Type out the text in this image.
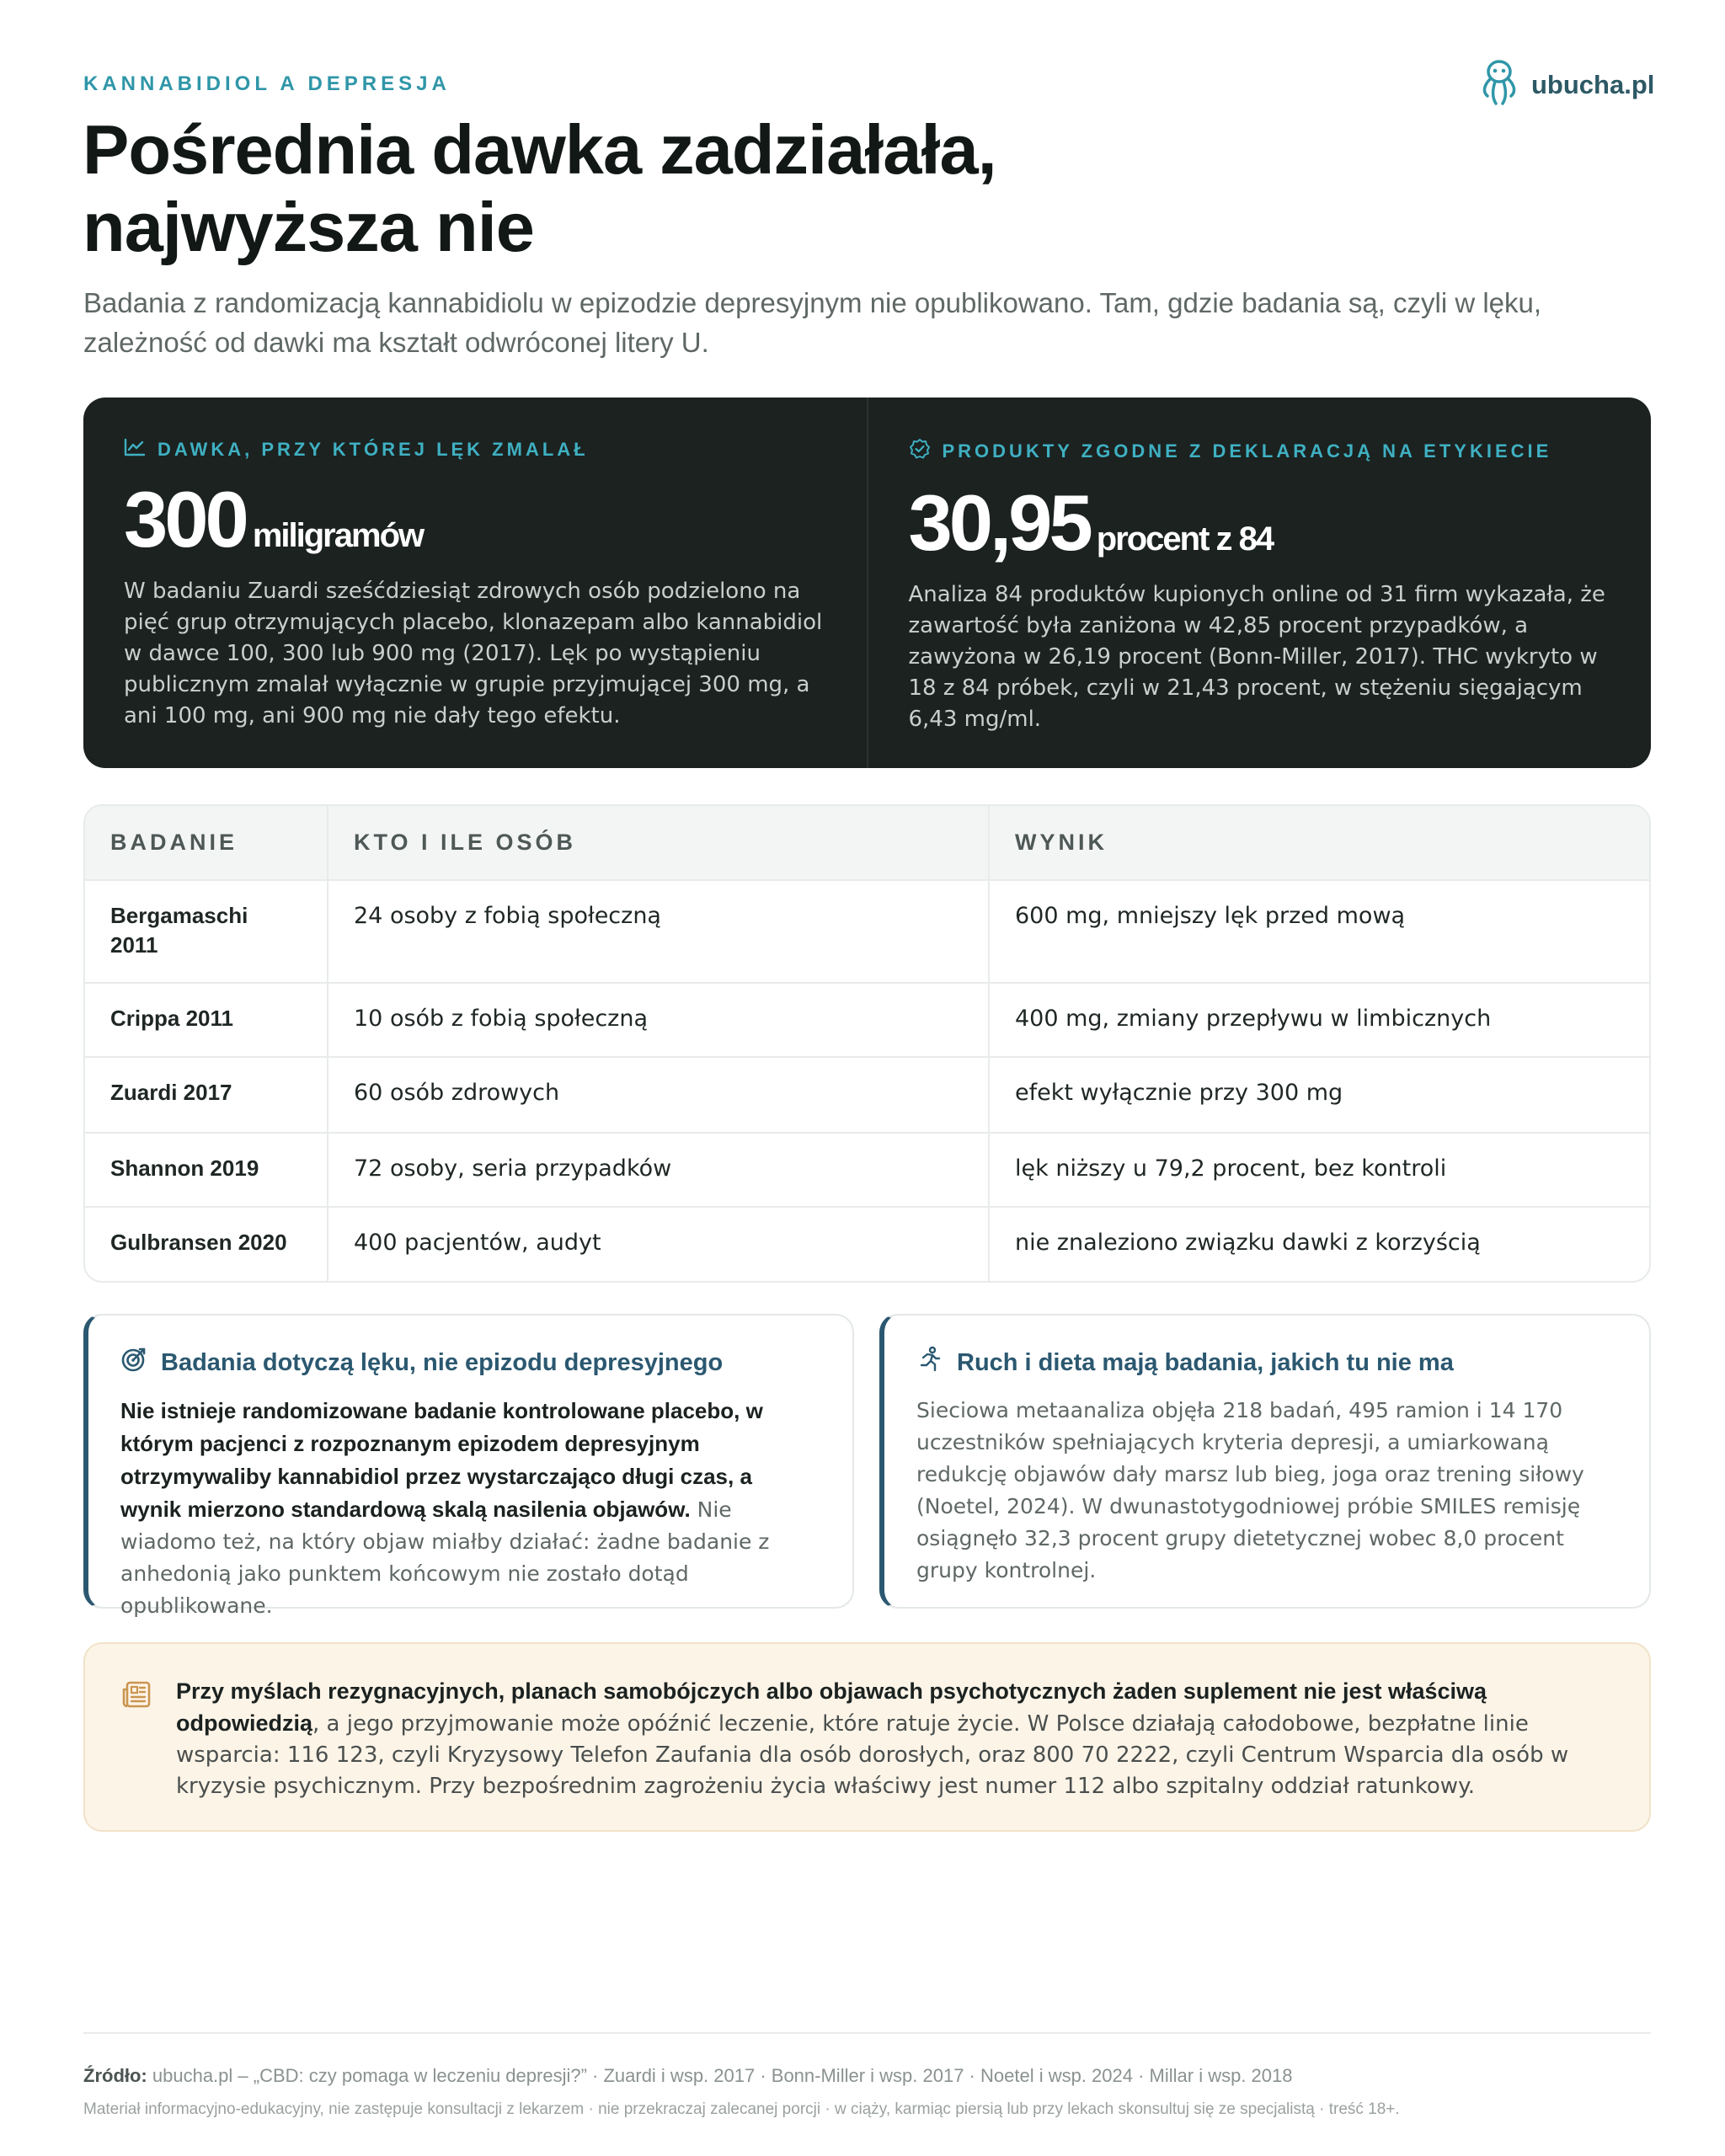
KANNABIDIOL A DEPRESJA	ubucha.pl
Pośrednia dawka zadziałała,
najwyższa nie

Badania z randomizacją kannabidiolu w epizodzie depresyjnym nie opublikowano. Tam, gdzie badania są, czyli w lęku, zależność od dawki ma kształt odwróconej litery U.

DAWKA, PRZY KTÓREJ LĘK ZMALAŁ
300 miligramów

W badaniu Zuardi sześćdziesiąt zdrowych osób podzielono na pięć grup otrzymujących placebo, klonazepam albo kannabidiol w dawce 100, 300 lub 900 mg (2017). Lęk po wystąpieniu publicznym zmalał wyłącznie w grupie przyjmującej 300 mg, a ani 100 mg, ani 900 mg nie dały tego efektu.

PRODUKTY ZGODNE Z DEKLARACJĄ NA ETYKIECIE
30,95 procent z 84

Analiza 84 produktów kupionych online od 31 firm wykazała, że zawartość była zaniżona w 42,85 procent przypadków, a zawyżona w 26,19 procent (Bonn-Miller, 2017). THC wykryto w 18 z 84 próbek, czyli w 21,43 procent, w stężeniu sięgającym 6,43 mg/ml.

BADANIE	KTO I ILE OSÓB	WYNIK

Bergamaschi 2011	24 osoby z fobią społeczną	600 mg, mniejszy lęk przed mową
Crippa 2011	10 osób z fobią społeczną	400 mg, zmiany przepływu w limbicznych
Zuardi 2017	60 osób zdrowych	efekt wyłącznie przy 300 mg
Shannon 2019	72 osoby, seria przypadków	lęk niższy u 79,2 procent, bez kontroli
Gulbransen 2020	400 pacjentów, audyt	nie znaleziono związku dawki z korzyścią
Badania dotyczą lęku, nie epizodu depresyjnego

Nie istnieje randomizowane badanie kontrolowane placebo, w którym pacjenci z rozpoznanym epizodem depresyjnym otrzymywaliby kannabidiol przez wystarczająco długi czas, a wynik mierzono standardową skalą nasilenia objawów. Nie wiadomo też, na który objaw miałby działać: żadne badanie z anhedonią jako punktem końcowym nie zostało dotąd opublikowane.

Ruch i dieta mają badania, jakich tu nie ma

Sieciowa metaanaliza objęła 218 badań, 495 ramion i 14 170 uczestników spełniających kryteria depresji, a umiarkowaną redukcję objawów dały marsz lub bieg, joga oraz trening siłowy (Noetel, 2024). W dwunastotygodniowej próbie SMILES remisję osiągnęło 32,3 procent grupy dietetycznej wobec 8,0 procent grupy kontrolnej.

Przy myślach rezygnacyjnych, planach samobójczych albo objawach psychotycznych żaden suplement nie jest właściwą odpowiedzią, a jego przyjmowanie może opóźnić leczenie, które ratuje życie. W Polsce działają całodobowe, bezpłatne linie wsparcia: 116 123, czyli Kryzysowy Telefon Zaufania dla osób dorosłych, oraz 800 70 2222, czyli Centrum Wsparcia dla osób w kryzysie psychicznym. Przy bezpośrednim zagrożeniu życia właściwy jest numer 112 albo szpitalny oddział ratunkowy.

Źródło: ubucha.pl – „CBD: czy pomaga w leczeniu depresji?” · Zuardi i wsp. 2017 · Bonn-Miller i wsp. 2017 · Noetel i wsp. 2024 · Millar i wsp. 2018

Materiał informacyjno-edukacyjny, nie zastępuje konsultacji z lekarzem · nie przekraczaj zalecanej porcji · w ciąży, karmiąc piersią lub przy lekach skonsultuj się ze specjalistą · treść 18+.
